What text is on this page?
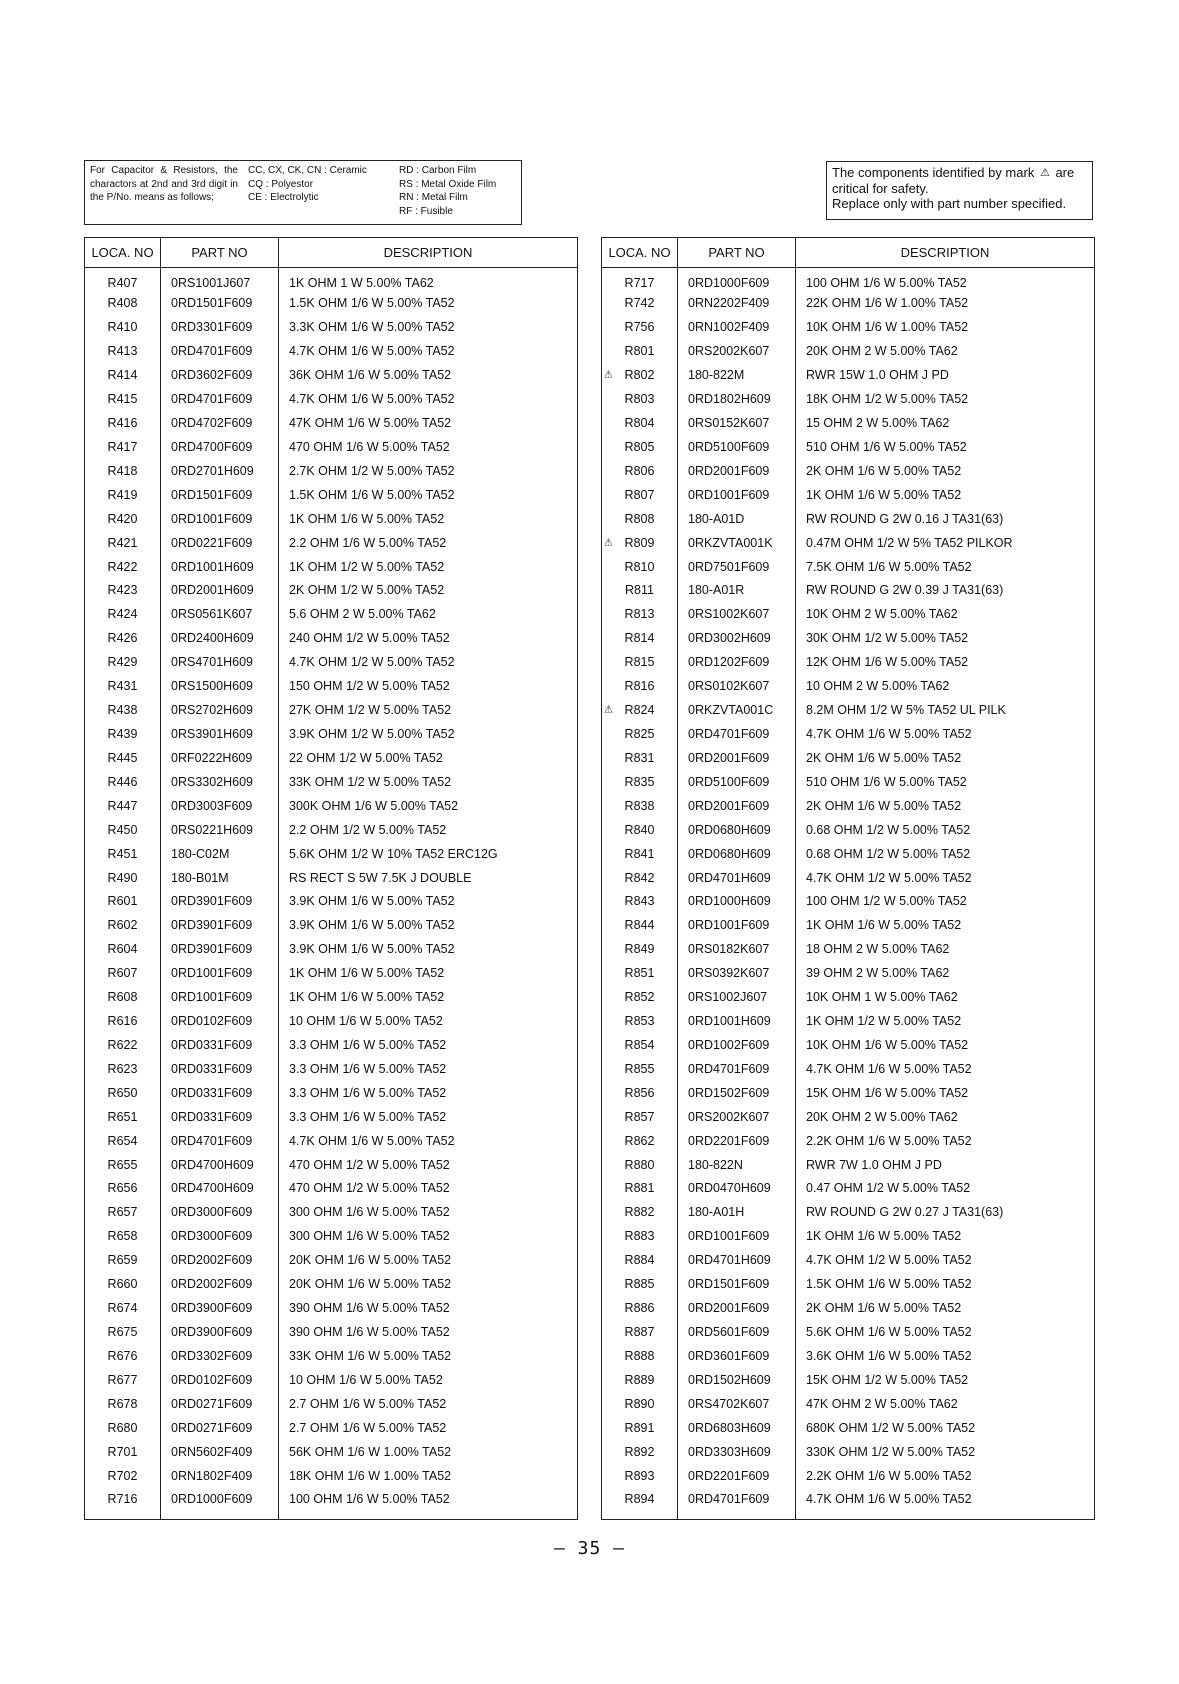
For Capacitor & Resistors, the charactors at 2nd and 3rd digit in the P/No. means as follows;
CC, CX, CK, CN : Ceramic
CQ : Polyestor
CE : Electrolytic
RD : Carbon Film
RS : Metal Oxide Film
RN : Metal Film
RF : Fusible
The components identified by mark ⚠ are critical for safety.
Replace only with part number specified.
LOCA. NO	PART NO	DESCRIPTION
R407	0RS1001J607	1K OHM 1 W 5.00% TA62
R408	0RD1501F609	1.5K OHM 1/6 W 5.00% TA52
R410	0RD3301F609	3.3K OHM 1/6 W 5.00% TA52
R413	0RD4701F609	4.7K OHM 1/6 W 5.00% TA52
R414	0RD3602F609	36K OHM 1/6 W 5.00% TA52
R415	0RD4701F609	4.7K OHM 1/6 W 5.00% TA52
R416	0RD4702F609	47K OHM 1/6 W 5.00% TA52
R417	0RD4700F609	470 OHM 1/6 W 5.00% TA52
R418	0RD2701H609	2.7K OHM 1/2 W 5.00% TA52
R419	0RD1501F609	1.5K OHM 1/6 W 5.00% TA52
R420	0RD1001F609	1K OHM 1/6 W 5.00% TA52
R421	0RD0221F609	2.2 OHM 1/6 W 5.00% TA52
R422	0RD1001H609	1K OHM 1/2 W 5.00% TA52
R423	0RD2001H609	2K OHM 1/2 W 5.00% TA52
R424	0RS0561K607	5.6 OHM 2 W 5.00% TA62
R426	0RD2400H609	240 OHM 1/2 W 5.00% TA52
R429	0RS4701H609	4.7K OHM 1/2 W 5.00% TA52
R431	0RS1500H609	150 OHM 1/2 W 5.00% TA52
R438	0RS2702H609	27K OHM 1/2 W 5.00% TA52
R439	0RS3901H609	3.9K OHM 1/2 W 5.00% TA52
R445	0RF0222H609	22 OHM 1/2 W 5.00% TA52
R446	0RS3302H609	33K OHM 1/2 W 5.00% TA52
R447	0RD3003F609	300K OHM 1/6 W 5.00% TA52
R450	0RS0221H609	2.2 OHM 1/2 W 5.00% TA52
R451	180-C02M	5.6K OHM 1/2 W 10% TA52 ERC12G
R490	180-B01M	RS RECT S 5W 7.5K J DOUBLE
R601	0RD3901F609	3.9K OHM 1/6 W 5.00% TA52
R602	0RD3901F609	3.9K OHM 1/6 W 5.00% TA52
R604	0RD3901F609	3.9K OHM 1/6 W 5.00% TA52
R607	0RD1001F609	1K OHM 1/6 W 5.00% TA52
R608	0RD1001F609	1K OHM 1/6 W 5.00% TA52
R616	0RD0102F609	10 OHM 1/6 W 5.00% TA52
R622	0RD0331F609	3.3 OHM 1/6 W 5.00% TA52
R623	0RD0331F609	3.3 OHM 1/6 W 5.00% TA52
R650	0RD0331F609	3.3 OHM 1/6 W 5.00% TA52
R651	0RD0331F609	3.3 OHM 1/6 W 5.00% TA52
R654	0RD4701F609	4.7K OHM 1/6 W 5.00% TA52
R655	0RD4700H609	470 OHM 1/2 W 5.00% TA52
R656	0RD4700H609	470 OHM 1/2 W 5.00% TA52
R657	0RD3000F609	300 OHM 1/6 W 5.00% TA52
R658	0RD3000F609	300 OHM 1/6 W 5.00% TA52
R659	0RD2002F609	20K OHM 1/6 W 5.00% TA52
R660	0RD2002F609	20K OHM 1/6 W 5.00% TA52
R674	0RD3900F609	390 OHM 1/6 W 5.00% TA52
R675	0RD3900F609	390 OHM 1/6 W 5.00% TA52
R676	0RD3302F609	33K OHM 1/6 W 5.00% TA52
R677	0RD0102F609	10 OHM 1/6 W 5.00% TA52
R678	0RD0271F609	2.7 OHM 1/6 W 5.00% TA52
R680	0RD0271F609	2.7 OHM 1/6 W 5.00% TA52
R701	0RN5602F409	56K OHM 1/6 W 1.00% TA52
R702	0RN1802F409	18K OHM 1/6 W 1.00% TA52
R716	0RD1000F609	100 OHM 1/6 W 5.00% TA52

LOCA. NO	PART NO	DESCRIPTION
R717	0RD1000F609	100 OHM 1/6 W 5.00% TA52
R742	0RN2202F409	22K OHM 1/6 W 1.00% TA52
R756	0RN1002F409	10K OHM 1/6 W 1.00% TA52
R801	0RS2002K607	20K OHM 2 W 5.00% TA62

⚠ R802	180-822M	RWR 15W 1.0 OHM J PD
R803	0RD1802H609	18K OHM 1/2 W 5.00% TA52
R804	0RS0152K607	15 OHM 2 W 5.00% TA62
R805	0RD5100F609	510 OHM 1/6 W 5.00% TA52
R806	0RD2001F609	2K OHM 1/6 W 5.00% TA52
R807	0RD1001F609	1K OHM 1/6 W 5.00% TA52
R808	180-A01D	RW ROUND G 2W 0.16 J TA31(63)

⚠ R809	0RKZVTA001K	0.47M OHM 1/2 W 5% TA52 PILKOR
R810	0RD7501F609	7.5K OHM 1/6 W 5.00% TA52
R811	180-A01R	RW ROUND G 2W 0.39 J TA31(63)
R813	0RS1002K607	10K OHM 2 W 5.00% TA62
R814	0RD3002H609	30K OHM 1/2 W 5.00% TA52
R815	0RD1202F609	12K OHM 1/6 W 5.00% TA52
R816	0RS0102K607	10 OHM 2 W 5.00% TA62

⚠ R824	0RKZVTA001C	8.2M OHM 1/2 W 5% TA52 UL PILK
R825	0RD4701F609	4.7K OHM 1/6 W 5.00% TA52
R831	0RD2001F609	2K OHM 1/6 W 5.00% TA52
R835	0RD5100F609	510 OHM 1/6 W 5.00% TA52
R838	0RD2001F609	2K OHM 1/6 W 5.00% TA52
R840	0RD0680H609	0.68 OHM 1/2 W 5.00% TA52
R841	0RD0680H609	0.68 OHM 1/2 W 5.00% TA52
R842	0RD4701H609	4.7K OHM 1/2 W 5.00% TA52
R843	0RD1000H609	100 OHM 1/2 W 5.00% TA52
R844	0RD1001F609	1K OHM 1/6 W 5.00% TA52
R849	0RS0182K607	18 OHM 2 W 5.00% TA62
R851	0RS0392K607	39 OHM 2 W 5.00% TA62
R852	0RS1002J607	10K OHM 1 W 5.00% TA62
R853	0RD1001H609	1K OHM 1/2 W 5.00% TA52
R854	0RD1002F609	10K OHM 1/6 W 5.00% TA52
R855	0RD4701F609	4.7K OHM 1/6 W 5.00% TA52
R856	0RD1502F609	15K OHM 1/6 W 5.00% TA52
R857	0RS2002K607	20K OHM 2 W 5.00% TA62
R862	0RD2201F609	2.2K OHM 1/6 W 5.00% TA52
R880	180-822N	RWR 7W 1.0 OHM J PD
R881	0RD0470H609	0.47 OHM 1/2 W 5.00% TA52
R882	180-A01H	RW ROUND G 2W 0.27 J TA31(63)
R883	0RD1001F609	1K OHM 1/6 W 5.00% TA52
R884	0RD4701H609	4.7K OHM 1/2 W 5.00% TA52
R885	0RD1501F609	1.5K OHM 1/6 W 5.00% TA52
R886	0RD2001F609	2K OHM 1/6 W 5.00% TA52
R887	0RD5601F609	5.6K OHM 1/6 W 5.00% TA52
R888	0RD3601F609	3.6K OHM 1/6 W 5.00% TA52
R889	0RD1502H609	15K OHM 1/2 W 5.00% TA52
R890	0RS4702K607	47K OHM 2 W 5.00% TA62
R891	0RD6803H609	680K OHM 1/2 W 5.00% TA52
R892	0RD3303H609	330K OHM 1/2 W 5.00% TA52
R893	0RD2201F609	2.2K OHM 1/6 W 5.00% TA52
R894	0RD4701F609	4.7K OHM 1/6 W 5.00% TA52

– 35 –
